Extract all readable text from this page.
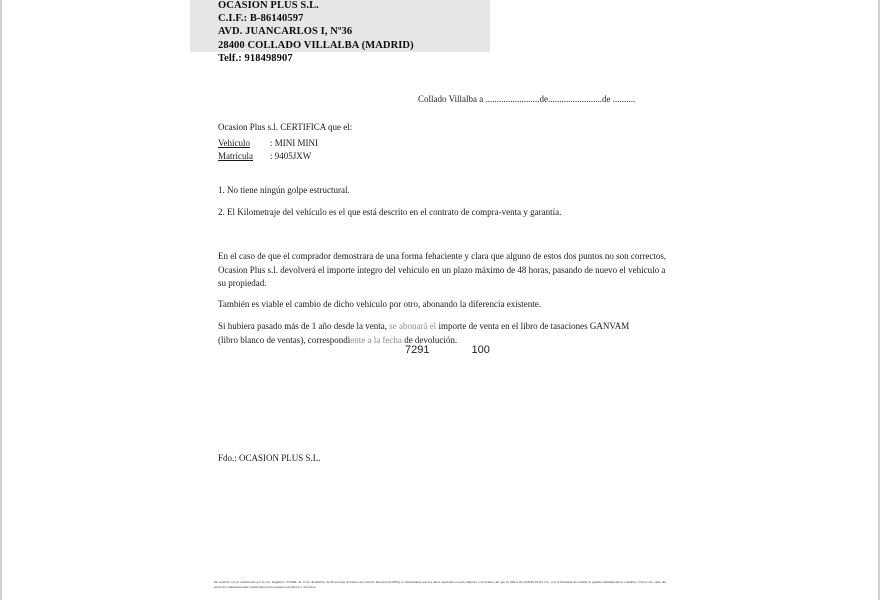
OCASION PLUS S.L.
C.I.F.: B-86140597
AVD. JUANCARLOS I, Nº36
28400 COLLADO VILLALBA (MADRID)
Telf.: 918498907
Collado Villalba a ........................de........................de ..........
Ocasion Plus s.l. CERTIFICA que el:
Vehículo : MINI MINI
Matrícula : 9405JXW
1. No tiene ningún golpe estructural.
2. El Kilometraje del vehículo es el que está descrito en el contrato de compra-venta y garantía.
En el caso de que el comprador demostrara de una forma fehaciente y clara que alguno de estos dos puntos no son correctos, Ocasion Plus s.l. devolverá el importe íntegro del vehículo en un plazo máximo de 48 horas, pasando de nuevo el vehículo a su propiedad.
También es viable el cambio de dicho vehículo por otro, abonando la diferencia existente.
Si hubiera pasado más de 1 año desde la venta, se abonará el importe de venta en el libro de tasaciones GANVAM (libro blanco de ventas), correspondiente a la fecha de devolución.
7291	100
Fdo.: OCASION PLUS S.L.
De acuerdo con lo establecido por la Ley Orgánica 15/1999, de 13 de diciembre, de Protección de Datos de Carácter Personal (LOPD), le informamos que los datos aportados en este impreso a su fichero del que es titular OCASION PLUS S.L. con la finalidad de realizar la gestión administrativa, contable o fiscal, así como del envío de comunicaciones comerciales sobre nuestros productos y servicios.
